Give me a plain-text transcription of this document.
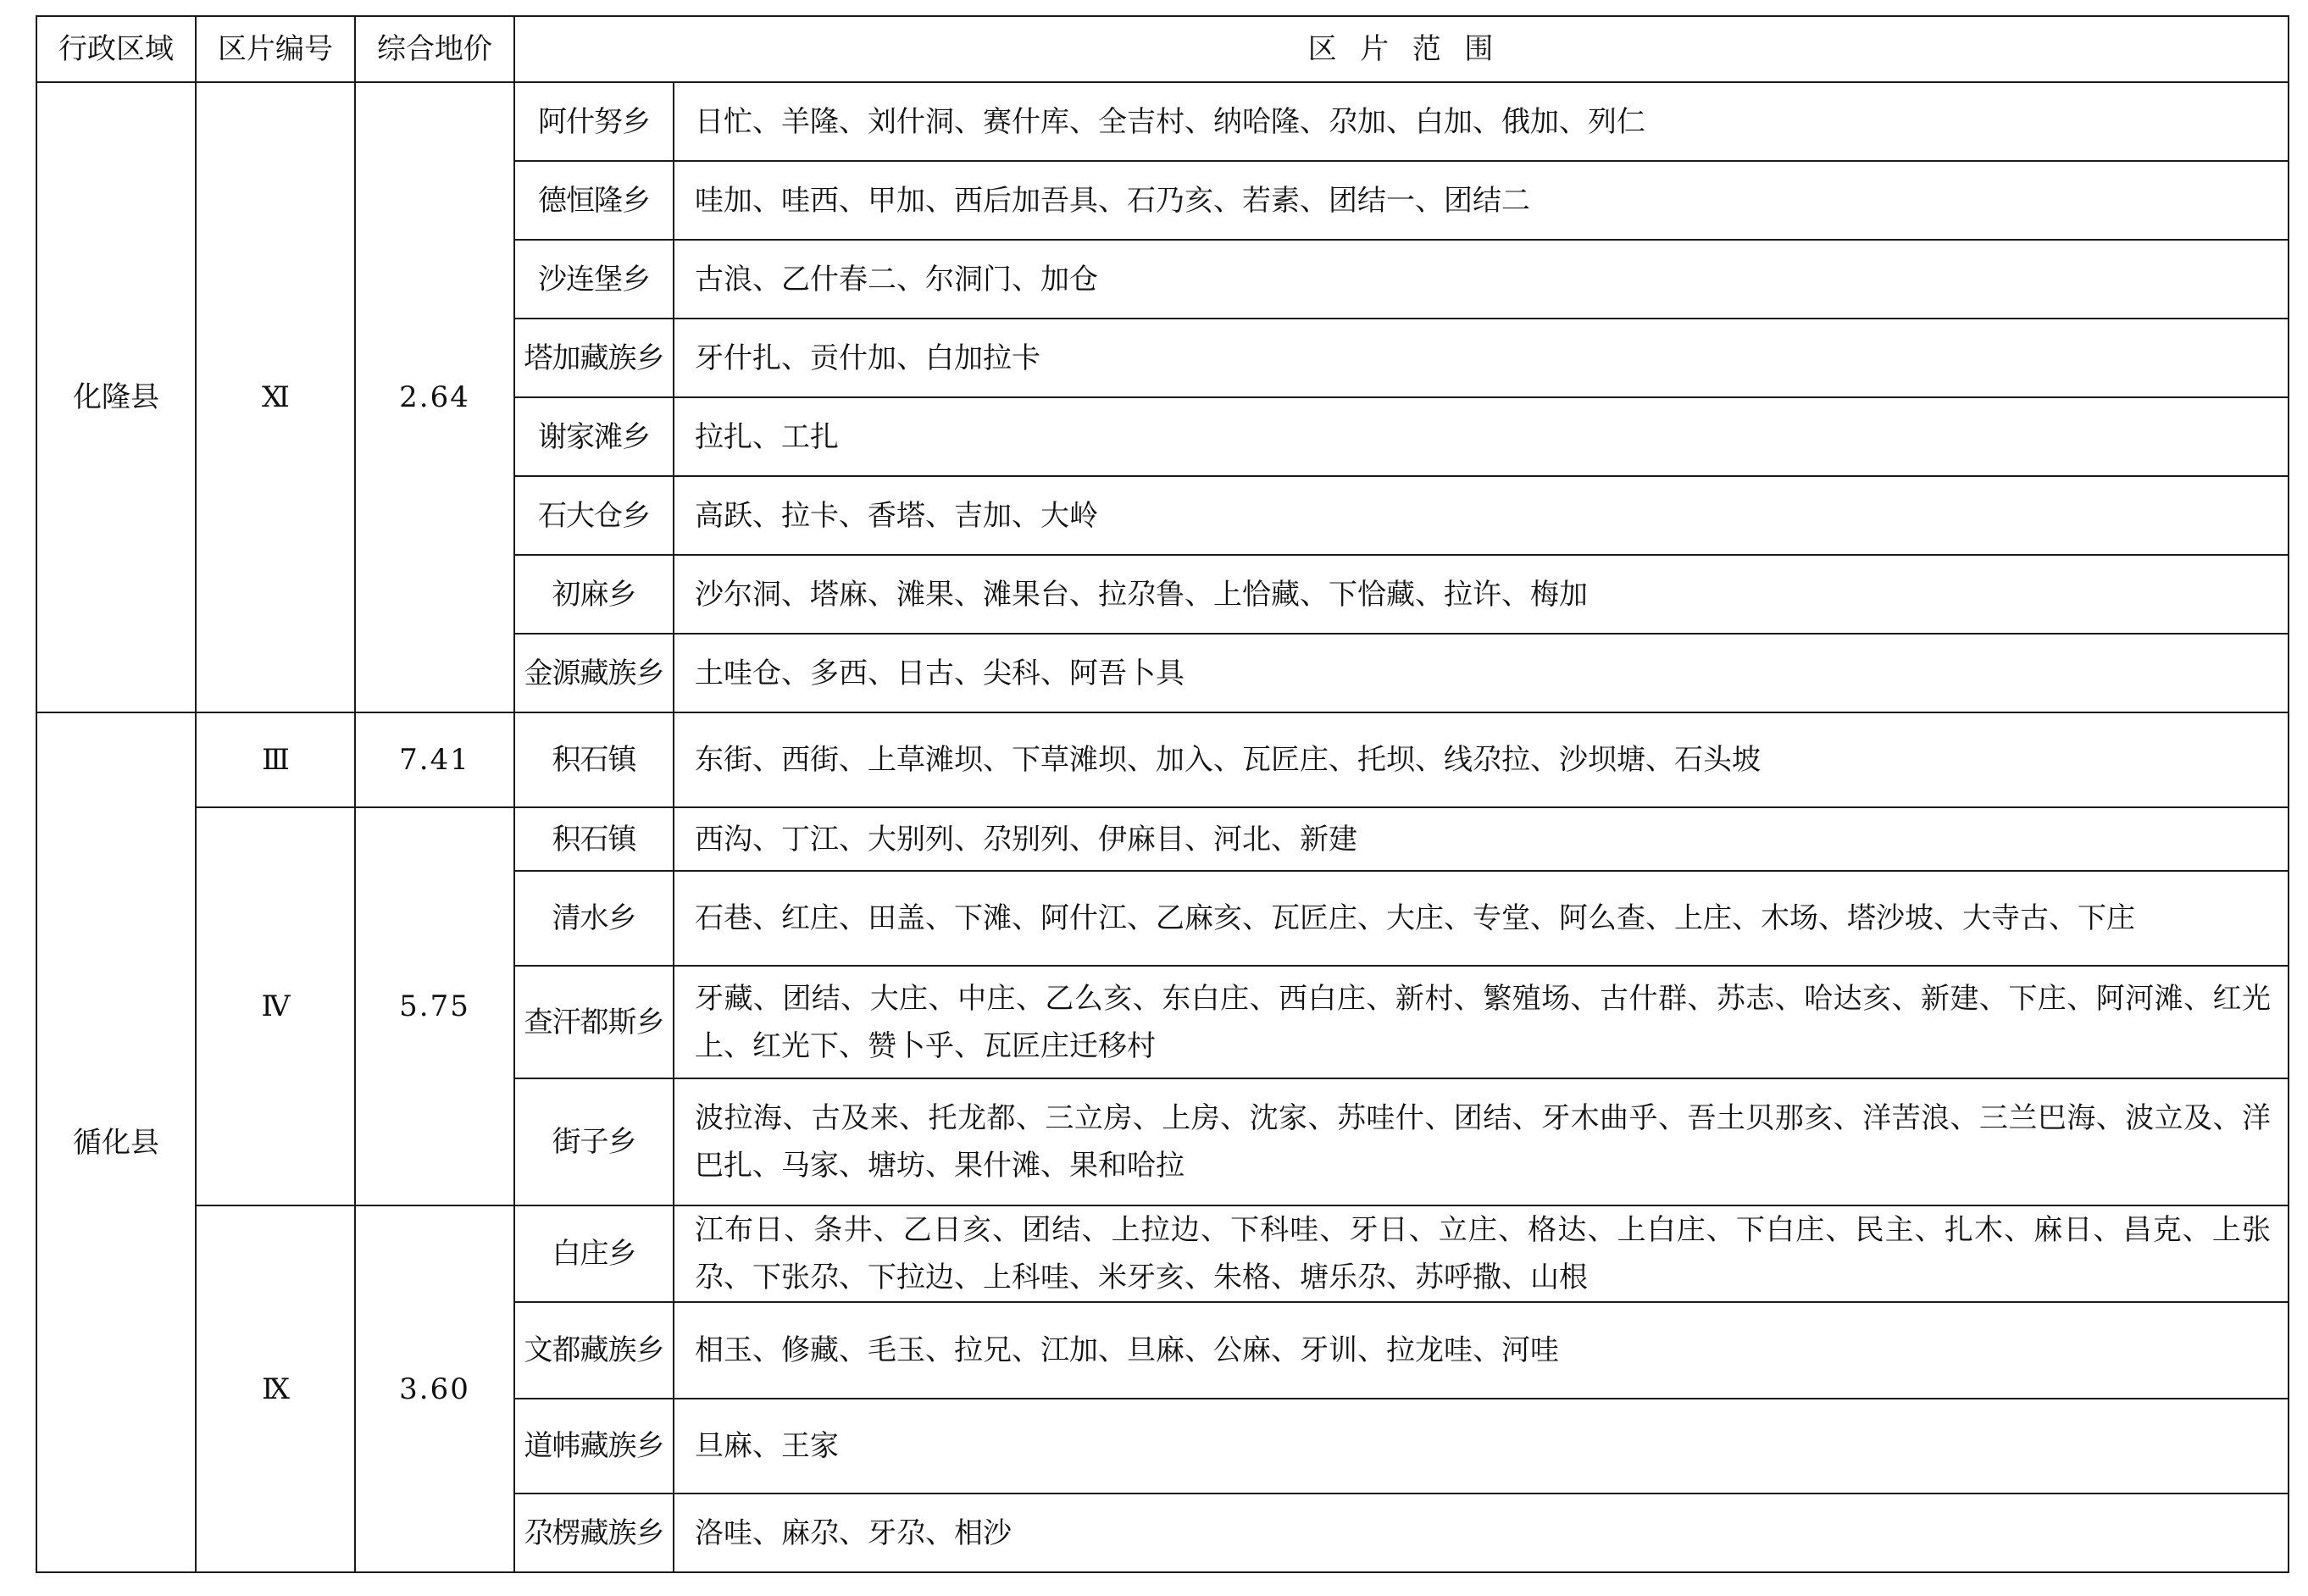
行政区域	区片编号	综合地价	区  片  范  围	
化隆县	Ⅺ	2.64	阿什努乡	日忙、羊隆、刘什洞、赛什库、全吉村、纳哈隆、尕加、白加、俄加、列仁
			德恒隆乡	哇加、哇西、甲加、西后加吾具、石乃亥、若素、团结一、团结二
			沙连堡乡	古浪、乙什春二、尔洞门、加仓
			塔加藏族乡	牙什扎、贡什加、白加拉卡
			谢家滩乡	拉扎、工扎
			石大仓乡	高跃、拉卡、香塔、吉加、大岭
			初麻乡	沙尔洞、塔麻、滩果、滩果台、拉尕鲁、上恰藏、下恰藏、拉许、梅加
			金源藏族乡	土哇仓、多西、日古、尖科、阿吾卜具
循化县	Ⅲ	7.41	积石镇	东街、西街、上草滩坝、下草滩坝、加入、瓦匠庄、托坝、线尕拉、沙坝塘、石头坡
	Ⅳ	5.75	积石镇	西沟、丁江、大别列、尕别列、伊麻目、河北、新建
			清水乡	石巷、红庄、田盖、下滩、阿什江、乙麻亥、瓦匠庄、大庄、专堂、阿么查、上庄、木场、塔沙坡、大寺古、下庄
			查汗都斯乡	牙藏、团结、大庄、中庄、乙么亥、东白庄、西白庄、新村、繁殖场、古什群、苏志、哈达亥、新建、下庄、阿河滩、红光上、红光下、赞卜乎、瓦匠庄迁移村
			街子乡	波拉海、古及来、托龙都、三立房、上房、沈家、苏哇什、团结、牙木曲乎、吾土贝那亥、洋苦浪、三兰巴海、波立及、洋巴扎、马家、塘坊、果什滩、果和哈拉
	Ⅸ	3.60	白庄乡	江布日、条井、乙日亥、团结、上拉边、下科哇、牙日、立庄、格达、上白庄、下白庄、民主、扎木、麻日、昌克、上张尕、下张尕、下拉边、上科哇、米牙亥、朱格、塘乐尕、苏呼撒、山根
			文都藏族乡	相玉、修藏、毛玉、拉兄、江加、旦麻、公麻、牙训、拉龙哇、河哇
			道帏藏族乡	旦麻、王家
			尕楞藏族乡	洛哇、麻尕、牙尕、相沙
